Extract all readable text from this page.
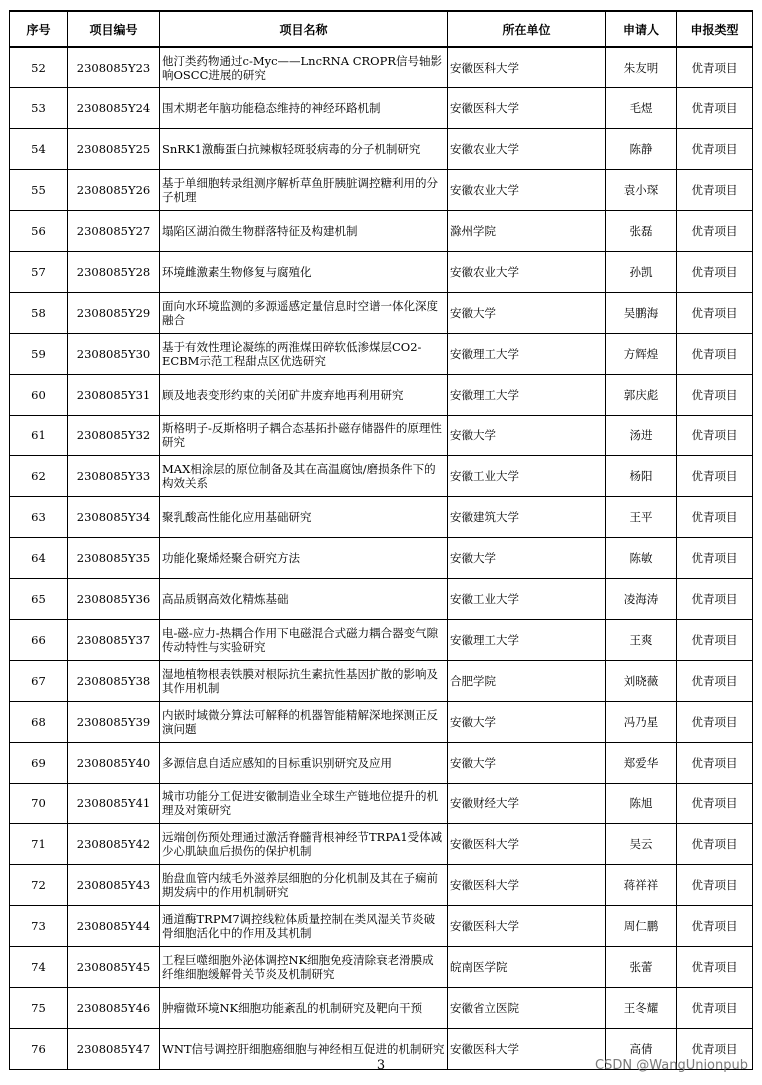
序号	项目编号	项目名称	所在单位	申请人	申报类型
52	2308085Y23	他汀类药物通过c-Myc——LncRNA CROPR信号轴影响OSCC进展的研究	安徽医科大学	朱友明	优青项目
53	2308085Y24	围术期老年脑功能稳态维持的神经环路机制	安徽医科大学	毛煜	优青项目
54	2308085Y25	SnRK1激酶蛋白抗辣椒轻斑驳病毒的分子机制研究	安徽农业大学	陈静	优青项目
55	2308085Y26	基于单细胞转录组测序解析草鱼肝胰脏调控糖利用的分子机理	安徽农业大学	袁小琛	优青项目
56	2308085Y27	塌陷区湖泊微生物群落特征及构建机制	滁州学院	张磊	优青项目
57	2308085Y28	环境雌激素生物修复与腐殖化	安徽农业大学	孙凯	优青项目
58	2308085Y29	面向水环境监测的多源遥感定量信息时空谱一体化深度融合	安徽大学	吴鹏海	优青项目
59	2308085Y30	基于有效性理论凝练的两淮煤田碎软低渗煤层CO2-ECBM示范工程甜点区优选研究	安徽理工大学	方辉煌	优青项目
60	2308085Y31	顾及地表变形约束的关闭矿井废弃地再利用研究	安徽理工大学	郭庆彪	优青项目
61	2308085Y32	斯格明子-反斯格明子耦合态基拓扑磁存储器件的原理性研究	安徽大学	汤进	优青项目
62	2308085Y33	MAX相涂层的原位制备及其在高温腐蚀/磨损条件下的构效关系	安徽工业大学	杨阳	优青项目
63	2308085Y34	聚乳酸高性能化应用基础研究	安徽建筑大学	王平	优青项目
64	2308085Y35	功能化聚烯烃聚合研究方法	安徽大学	陈敏	优青项目
65	2308085Y36	高品质钢高效化精炼基础	安徽工业大学	凌海涛	优青项目
66	2308085Y37	电-磁-应力-热耦合作用下电磁混合式磁力耦合器变气隙传动特性与实验研究	安徽理工大学	王爽	优青项目
67	2308085Y38	湿地植物根表铁膜对根际抗生素抗性基因扩散的影响及其作用机制	合肥学院	刘晓薇	优青项目
68	2308085Y39	内嵌时域微分算法可解释的机器智能精解深地探测正反演问题	安徽大学	冯乃星	优青项目
69	2308085Y40	多源信息自适应感知的目标重识别研究及应用	安徽大学	郑爱华	优青项目
70	2308085Y41	城市功能分工促进安徽制造业全球生产链地位提升的机理及对策研究	安徽财经大学	陈旭	优青项目
71	2308085Y42	远端创伤预处理通过激活脊髓背根神经节TRPA1受体减少心肌缺血后损伤的保护机制	安徽医科大学	吴云	优青项目
72	2308085Y43	胎盘血管内绒毛外滋养层细胞的分化机制及其在子痫前期发病中的作用机制研究	安徽医科大学	蒋祥祥	优青项目
73	2308085Y44	通道酶TRPM7调控线粒体质量控制在类风湿关节炎破骨细胞活化中的作用及其机制	安徽医科大学	周仁鹏	优青项目
74	2308085Y45	工程巨噬细胞外泌体调控NK细胞免疫清除衰老滑膜成纤维细胞缓解骨关节炎及机制研究	皖南医学院	张蕾	优青项目
75	2308085Y46	肿瘤微环境NK细胞功能紊乱的机制研究及靶向干预	安徽省立医院	王冬耀	优青项目
76	2308085Y47	WNT信号调控肝细胞癌细胞与神经相互促进的机制研究	安徽医科大学	高倩	优青项目
3	CSDN @WangUnionpub
